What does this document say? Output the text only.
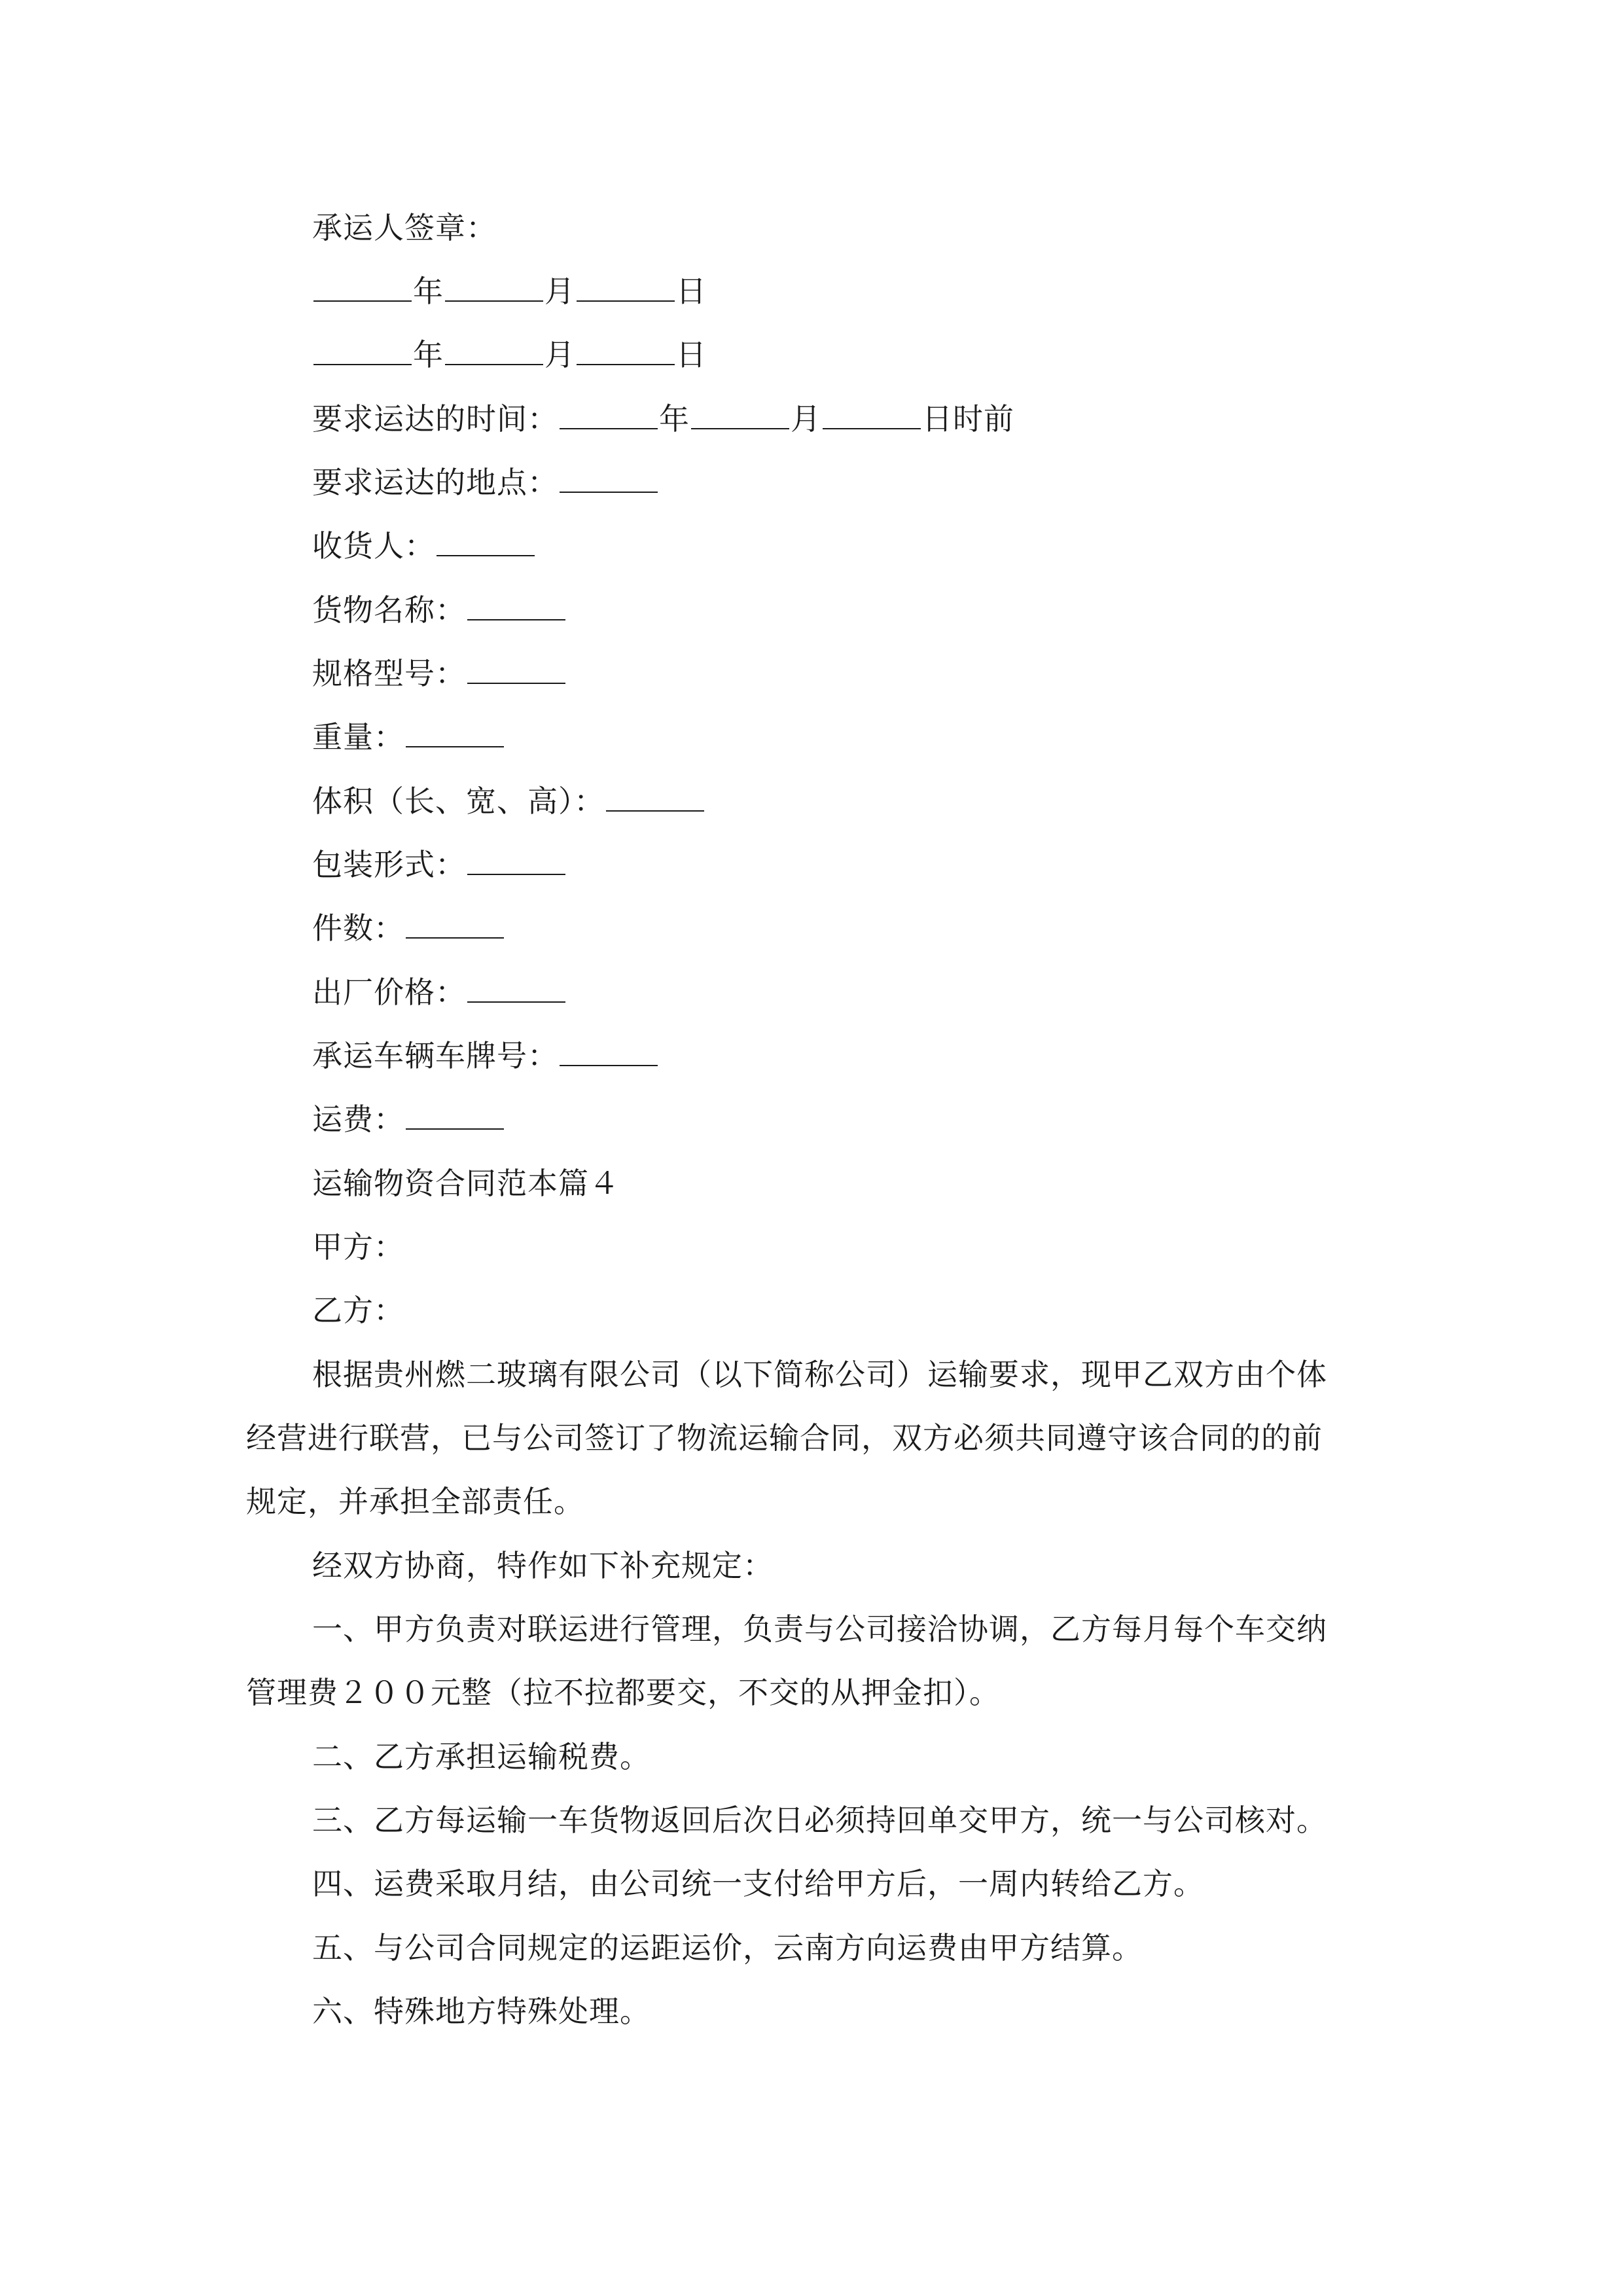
承运人签章：
年	月	日
年	月	日
要求运达的时间：	年	月	日时前
要求运达的地点：
收货人：
货物名称：
规格型号：
重量：
体积（长、宽、高）：
包装形式：
件数：
出厂价格：
承运车辆车牌号：
运费：
运输物资合同范本篇４
甲方：
乙方：
根据贵州燃二玻璃有限公司（以下简称公司）运输要求，现甲乙双方由个体
经营进行联营，已与公司签订了物流运输合同，双方必须共同遵守该合同的的前
规定，并承担全部责任。
经双方协商，特作如下补充规定：
一、甲方负责对联运进行管理，负责与公司接洽协调，乙方每月每个车交纳
管理费２００元整（拉不拉都要交，不交的从押金扣）。
二、乙方承担运输税费。
三、乙方每运输一车货物返回后次日必须持回单交甲方，统一与公司核对。
四、运费采取月结，由公司统一支付给甲方后，一周内转给乙方。
五、与公司合同规定的运距运价，云南方向运费由甲方结算。
六、特殊地方特殊处理。
